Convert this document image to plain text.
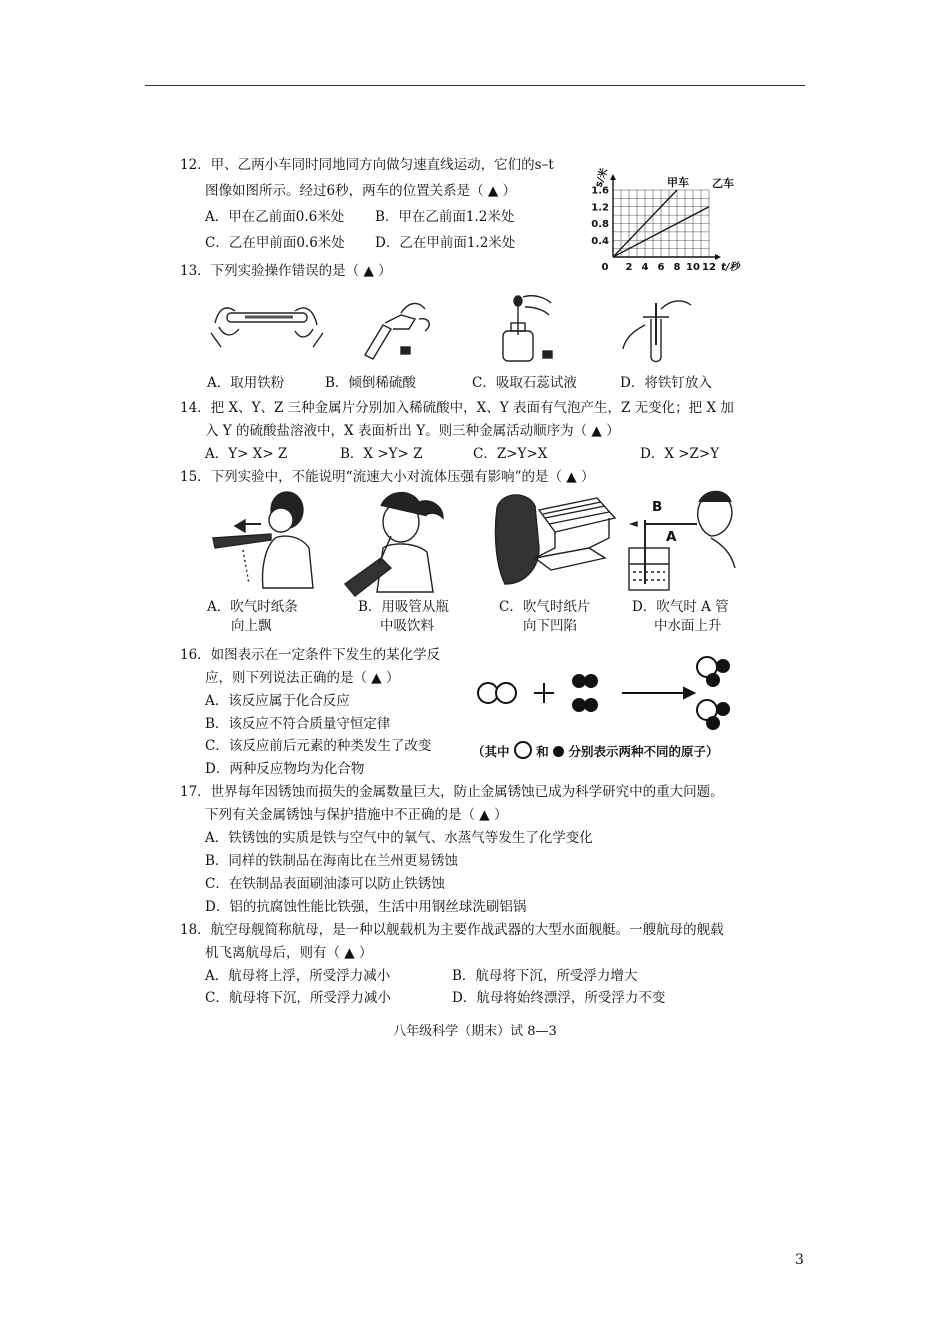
12．甲、乙两小车同时同地同方向做匀速直线运动，它们的s–t
图像如图所示。经过6秒，两车的位置关系是（ ▲ ）
A．甲在乙前面0.6米处 B．甲在乙前面1.2米处
C．乙在甲前面0.6米处 D．乙在甲前面1.2米处
0 2 4 6 8 10 12
0.4
0.8
1.2
1.6
s/米
t/秒
甲车 乙车
13．下列实验操作错误的是（ ▲ ）
A．取用铁粉	B．倾倒稀硫酸	C．吸取石蕊试液	D．将铁钉放入
14．把 X、Y、Z 三种金属片分别加入稀硫酸中，X、Y 表面有气泡产生，Z 无变化；把 X 加
入 Y 的硫酸盐溶液中，X 表面析出 Y。则三种金属活动顺序为（ ▲ ）
A．Y> X> Z	B．X >Y> Z	C．Z>Y>X	D．X >Z>Y
15．下列实验中，不能说明“流速大小对流体压强有影响”的是（ ▲ ）
B
A
A．吹气时纸条
向上飘
B．用吸管从瓶
中吸饮料
C．吹气时纸片
向下凹陷
D．吹气时 A 管
中水面上升
16．如图表示在一定条件下发生的某化学反
应，则下列说法正确的是（ ▲ ）
A．该反应属于化合反应
B．该反应不符合质量守恒定律
C．该反应前后元素的种类发生了改变
D．两种反应物均为化合物
（其中 和 分别表示两种不同的原子）
17．世界每年因锈蚀而损失的金属数量巨大，防止金属锈蚀已成为科学研究中的重大问题。
下列有关金属锈蚀与保护措施中不正确的是（ ▲ ）
A．铁锈蚀的实质是铁与空气中的氧气、水蒸气等发生了化学变化
B．同样的铁制品在海南比在兰州更易锈蚀
C．在铁制品表面刷油漆可以防止铁锈蚀
D．铝的抗腐蚀性能比铁强，生活中用钢丝球洗刷铝锅
18．航空母舰简称航母，是一种以舰载机为主要作战武器的大型水面舰艇。一艘航母的舰载
机飞离航母后，则有（ ▲ ）
A．航母将上浮，所受浮力减小	B．航母将下沉，所受浮力增大
C．航母将下沉，所受浮力减小	D．航母将始终漂浮，所受浮力不变
八年级科学（期末）试 8—3
3
